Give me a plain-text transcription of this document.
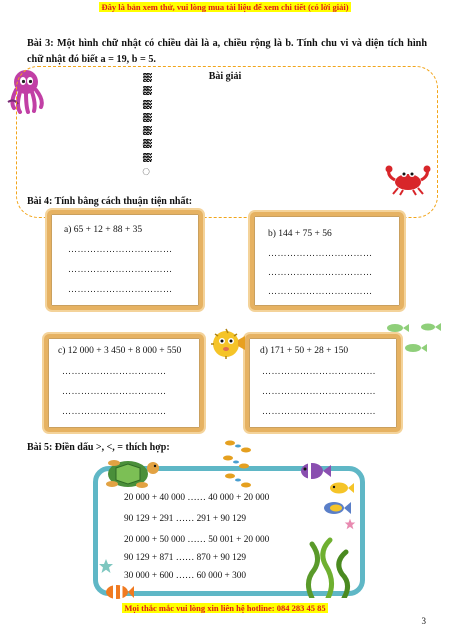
Đây là bản xem thử, vui lòng mua tài liệu để xem chi tiết (có lời giải)
Bài 3: Một hình chữ nhật có chiều dài là a, chiều rộng là b. Tính chu vi và diện tích hình chữ nhật đó biết a = 19, b = 5.
Bài giải
ᢆᢆᢆᢆᢆᢆᢆᢆᢆᢆᢆᢆᢆᢆᢆᢆᢆᢆ
ᢆᢆᢆᢆᢆᢆᢆᢆᢆᢆᢆᢆᢆᢆᢆᢆᢆᢆ
ᢆᢆᢆᢆᢆᢆᢆᢆᢆᢆᢆᢆᢆᢆᢆᢆᢆᢆ
ᢆᢆᢆᢆᢆᢆᢆᢆᢆᢆᢆᢆᢆᢆᢆᢆᢆᢆ
ᢆᢆᢆᢆᢆᢆᢆᢆᢆᢆᢆᢆᢆᢆᢆᢆᢆᢆ
ᢆᢆᢆᢆᢆᢆᢆᢆᢆᢆᢆᢆᢆᢆᢆᢆᢆᢆ
ᢆᢆᢆᢆᢆᢆᢆᢆᢆᢆᢆᢆᢆᢆᢆᢆᢆᢆ
Bài 4: Tính bằng cách thuận tiện nhất:
a) 65 + 12 + 88 + 35
……………………………
……………………………
……………………………
b) 144 + 75 + 56
……………………………
……………………………
……………………………
c) 12 000 + 3 450 + 8 000 + 550
……………………………
……………………………
……………………………
d) 171 + 50 + 28 + 150
………………………………
………………………………
………………………………
Bài 5: Điền dấu >, <, = thích hợp:
20 000 + 40 000 …… 40 000 + 20 000
90 129 + 291 …… 291 + 90 129
20 000 + 50 000 …… 50 001 + 20 000
90 129 + 871 …… 870 + 90 129
30 000 + 600 …… 60 000 + 300
Mọi thắc mắc vui lòng xin liên hệ hotline: 084 283 45 85
3
